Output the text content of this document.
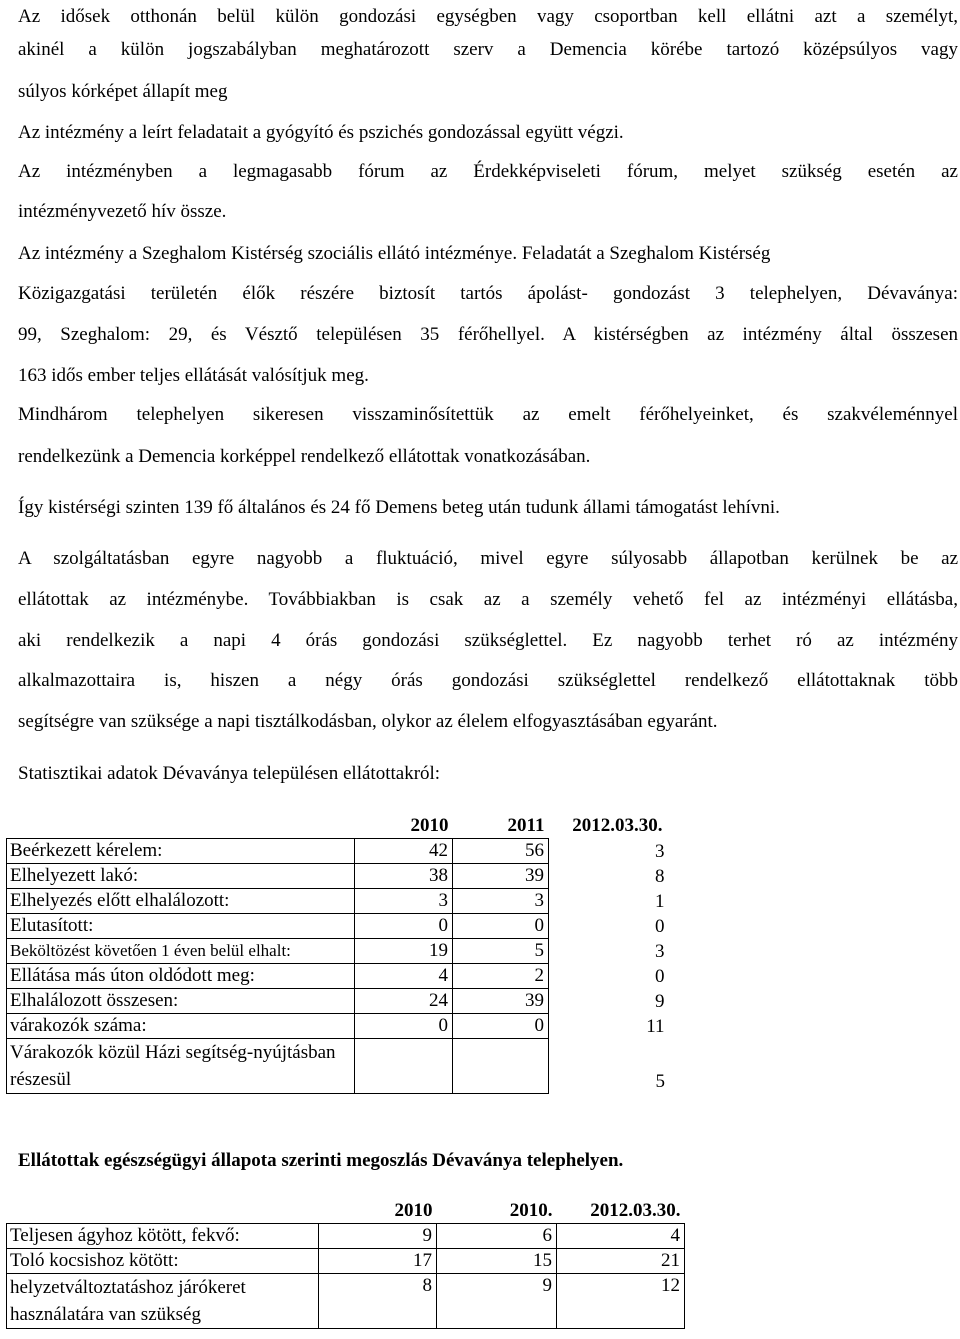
Az idősek otthonán belül külön gondozási egységben vagy csoportban kell ellátni azt a személyt,
akinél a külön jogszabályban meghatározott szerv a Demencia körébe tartozó középsúlyos vagy
súlyos kórképet állapít meg
Az intézmény a leírt feladatait a gyógyító és pszichés gondozással együtt végzi.
Az intézményben a legmagasabb fórum az Érdekképviseleti fórum, melyet szükség esetén az
intézményvezető hív össze.
Az intézmény a Szeghalom Kistérség szociális ellátó intézménye. Feladatát a Szeghalom Kistérség
Közigazgatási területén élők részére biztosít tartós ápolást- gondozást 3 telephelyen, Dévaványa:
99, Szeghalom: 29, és Vésztő településen 35 férőhellyel. A kistérségben az intézmény által összesen
163 idős ember teljes ellátását valósítjuk meg.
Mindhárom telephelyen sikeresen visszaminősítettük az emelt férőhelyeinket, és szakvéleménnyel
rendelkezünk a Demencia korképpel rendelkező ellátottak vonatkozásában.
Így kistérségi szinten 139 fő általános és 24 fő Demens beteg után tudunk állami támogatást lehívni.
A szolgáltatásban egyre nagyobb a fluktuáció, mivel egyre súlyosabb állapotban kerülnek be az
ellátottak az intézménybe. Továbbiakban is csak az a személy vehető fel az intézményi ellátásba,
aki rendelkezik a napi 4 órás gondozási szükséglettel. Ez nagyobb terhet ró az intézmény
alkalmazottaira is, hiszen a négy órás gondozási szükséglettel rendelkező ellátottaknak több
segítségre van szüksége a napi tisztálkodásban, olykor az élelem elfogyasztásában egyaránt.
Statisztikai adatok Dévaványa településen ellátottakról:
	2010	2011	2012.03.30.
Beérkezett kérelem:	42	56	3
Elhelyezett lakó:	38	39	8
Elhelyezés előtt elhalálozott:	3	3	1
Elutasított:	0	0	0
Beköltözést követően 1 éven belül elhalt:	19	5	3
Ellátása más úton oldódott meg:	4	2	0
Elhalálozott összesen:	24	39	9
várakozók száma:	0	0	11
Várakozók közül Házi segítség-nyújtásban részesül			5
Ellátottak egészségügyi állapota szerinti megoszlás Dévaványa telephelyen.
	2010	2010.	2012.03.30.
Teljesen ágyhoz kötött, fekvő:	9	6	4
Toló kocsishoz kötött:	17	15	21
helyzetváltoztatáshoz járókeret használatára van szükség	8	9	12
